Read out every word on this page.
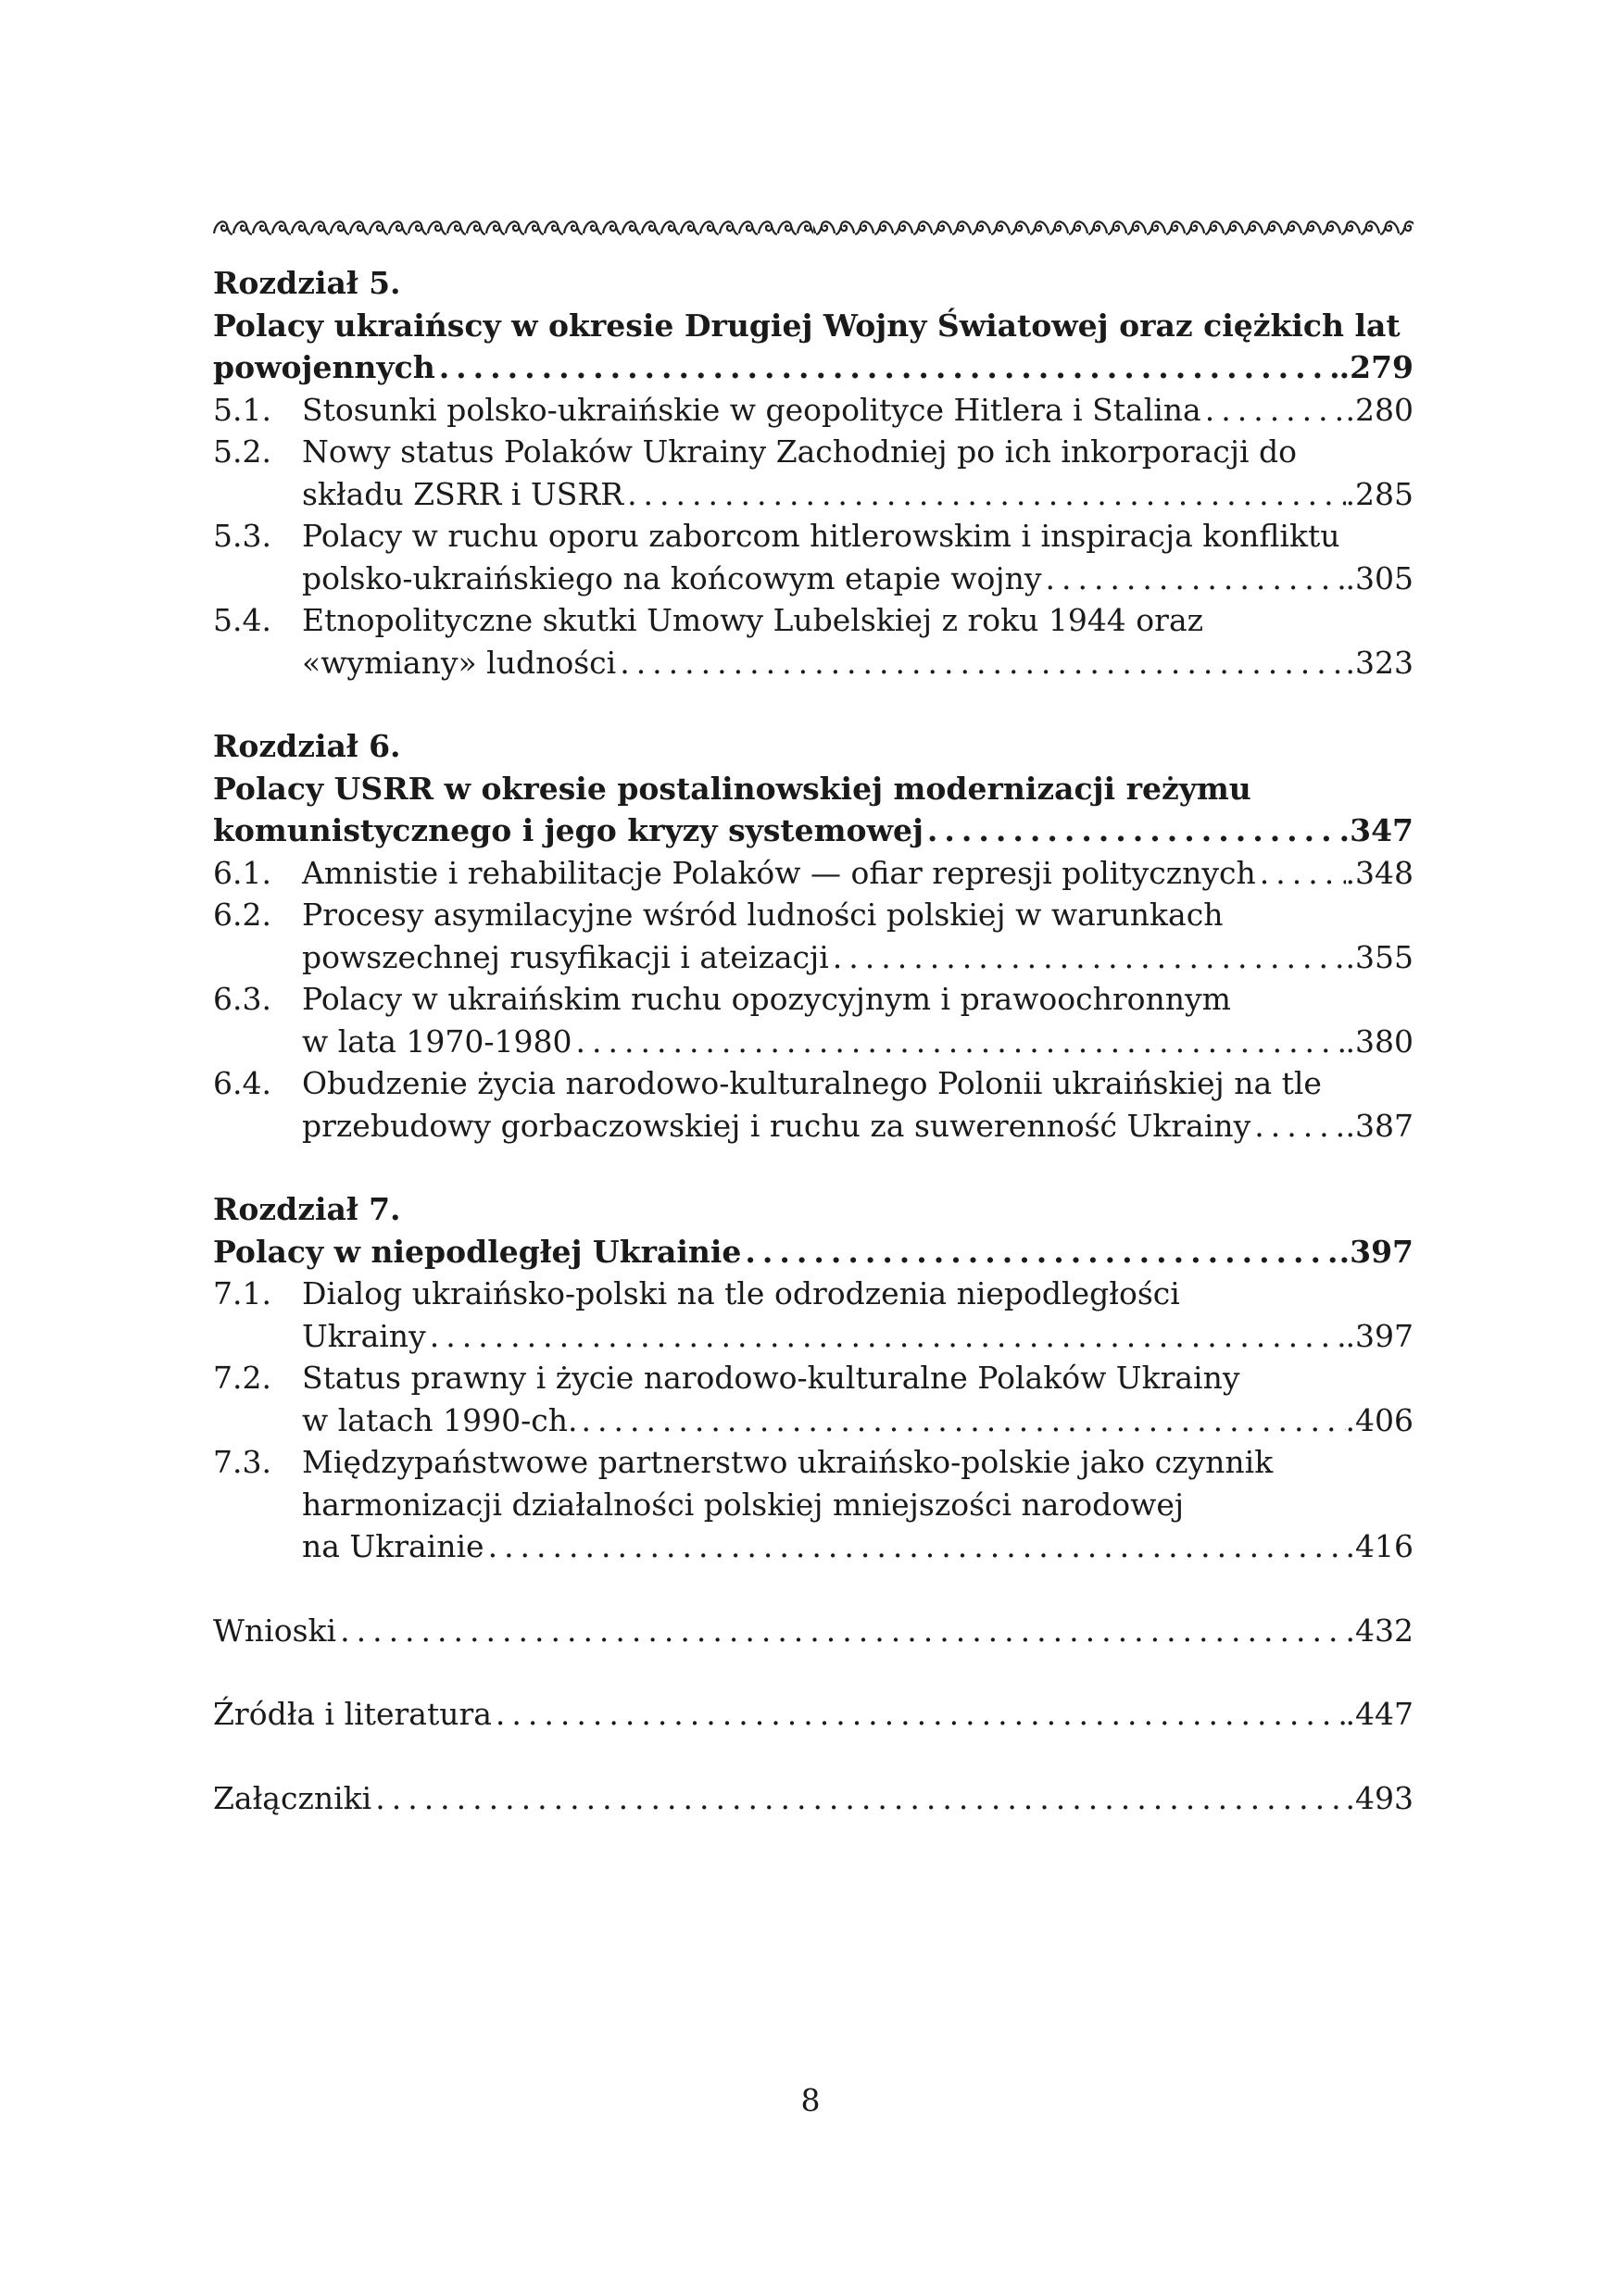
Rozdział 5.
Polacy ukraińscy w okresie Drugiej Wojny Światowej oraz ciężkich lat
powojennych .....	.279
5.1.	Stosunki polsko-ukraińskie w geopolityce Hitlera i Stalina .....	.280
5.2.	Nowy status Polaków Ukrainy Zachodniej po ich inkorporacji do
składu ZSRR i USRR .....	.285
5.3.	Polacy w ruchu oporu zaborcom hitlerowskim i inspiracja konfliktu
polsko-ukraińskiego na końcowym etapie wojny .....	.305
5.4.	Etnopolityczne skutki Umowy Lubelskiej z roku 1944 oraz
«wymiany» ludności .....	.323
Rozdział 6.
Polacy USRR w okresie postalinowskiej modernizacji reżymu
komunistycznego i jego kryzy systemowej .....	.347
6.1.	Amnistie i rehabilitacje Polaków — ofiar represji politycznych .....	.348
6.2.	Procesy asymilacyjne wśród ludności polskiej w warunkach
powszechnej rusyfikacji i ateizacji .....	.355
6.3.	Polacy w ukraińskim ruchu opozycyjnym i prawoochronnym
w lata 1970-1980 .....	.380
6.4.	Obudzenie życia narodowo-kulturalnego Polonii ukraińskiej na tle
przebudowy gorbaczowskiej i ruchu za suwerenność Ukrainy .....	.387
Rozdział 7.
Polacy w niepodległej Ukrainie .....	.397
7.1.	Dialog ukraińsko-polski na tle odrodzenia niepodległości
Ukrainy .....	.397
7.2.	Status prawny i życie narodowo-kulturalne Polaków Ukrainy
w latach 1990-ch. .....	.406
7.3.	Międzypaństwowe partnerstwo ukraińsko-polskie jako czynnik
harmonizacji działalności polskiej mniejszości narodowej
na Ukrainie .....	.416
Wnioski .....	.432
Źródła i literatura .....	.447
Załączniki .....	.493
8
